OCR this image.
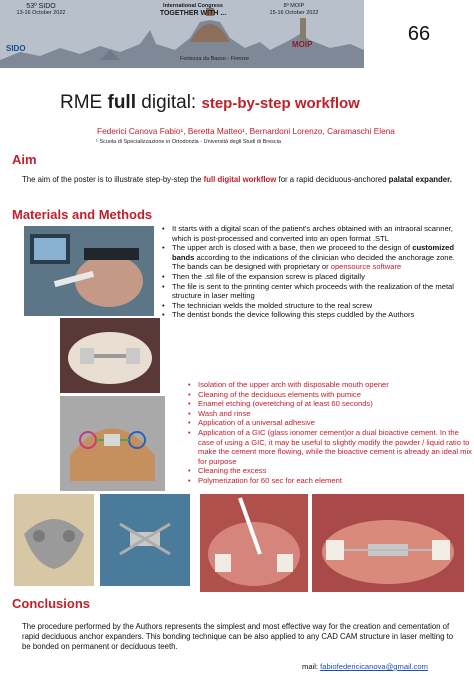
53º SIDO
13-16 October 2022
International Congress
TOGETHER WITH ...
8º MOIP
15-16 October 2022
SIDO	MOIP
Fortezza da Basso - Firenze
66
RME full digital: step-by-step workflow
Federici Canova Fabio¹, Beretta Matteo¹, Bernardoni Lorenzo, Caramaschi Elena
¹ Scuola di Specializzazione in Ortodonzia - Università degli Studi di Brescia
Aim
The aim of the poster is to illustrate step-by-step the full digital workflow for a rapid deciduous-anchored palatal expander.
Materials and Methods
• It starts with a digital scan of the patient's arches obtained with an intraoral scanner, which is post-processed and converted into an open format .STL
• The upper arch is closed with a base, then we proceed to the design of customized bands according to the indications of the clinician who decided the anchorage zone. The bands can be designed with proprietary or opensource software
• Then the .stl file of the expansion screw is placed digitally
• The file is sent to the printing center which proceeds with the realization of the metal structure in laser melting
• The technician welds the molded structure to the real screw
• The dentist bonds the device following this steps cuddled by the Authors
• Isolation of the upper arch with disposable mouth opener
• Cleaning of the deciduous elements with pumice
• Enamel etching (overetching of at least 60 seconds)
• Wash and rinse
• Application of a universal adhesive
• Application of a GIC (glass ionomer cement)or a dual bioactive cement. In the case of using a GIC, it may be useful to slightly modify the powder / liquid ratio to make the cement more flowing, while the bioactive cement is already an ideal mix for purpose
• Cleaning the excess
• Polymerization for 60 sec for each element
Conclusions
The procedure performed by the Authors represents the simplest and most effective way for the creation and cementation of rapid deciduous anchor expanders. This bonding technique can be also applied to any CAD CAM structure in laser melting to be bonded on permanent or deciduous teeth.
mail: fabiofedericicanova@gmail.com
